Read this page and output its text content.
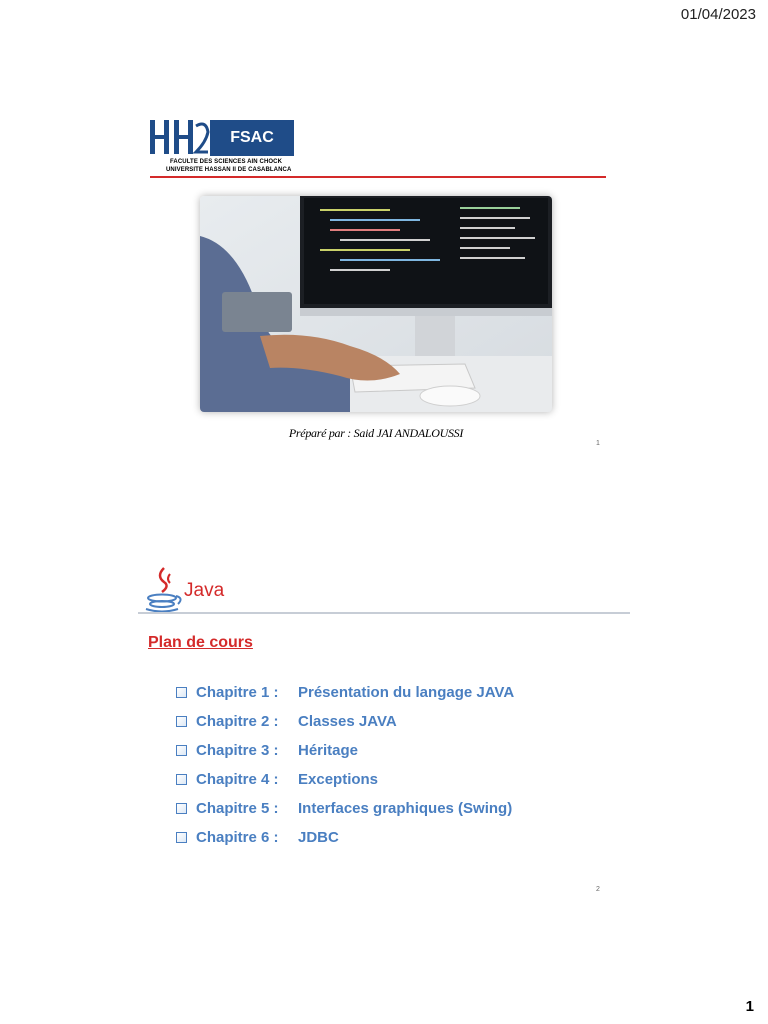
01/04/2023
FSAC
FACULTE DES SCIENCES AIN CHOCK
UNIVERSITE HASSAN II DE CASABLANCA
Préparé par : Said JAI ANDALOUSSI
1
Java
Plan de cours
Chapitre 1 :	Présentation du langage JAVA
Chapitre 2 :	Classes JAVA
Chapitre 3 :	Héritage
Chapitre 4 :	Exceptions
Chapitre 5 :	Interfaces graphiques (Swing)
Chapitre 6 :	JDBC
2
1
